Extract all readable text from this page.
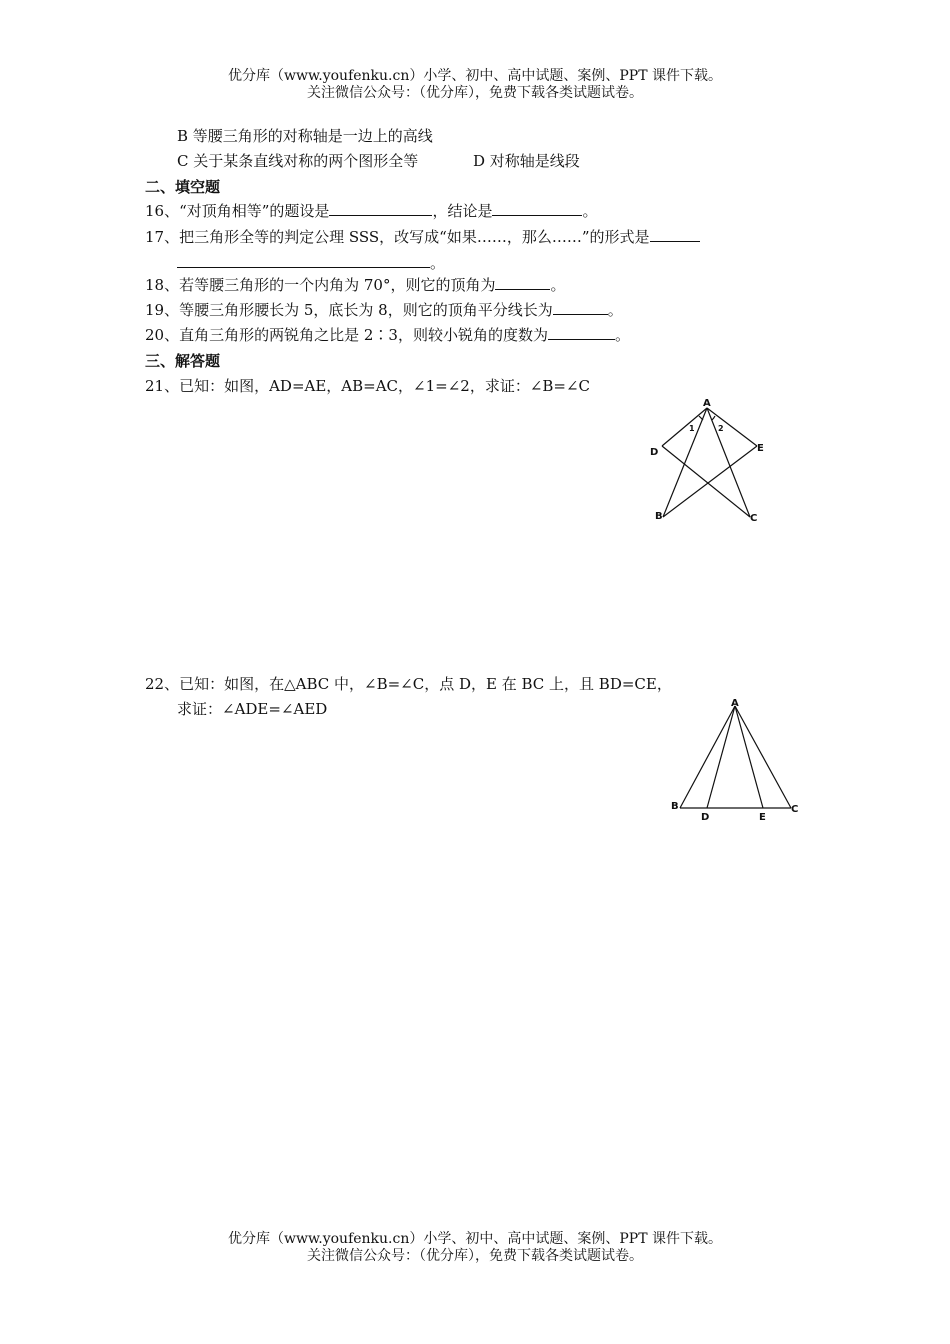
优分库（www.youfenku.cn）小学、初中、高中试题、案例、PPT 课件下载。
关注微信公众号：（优分库），免费下载各类试题试卷。
B 等腰三角形的对称轴是一边上的高线
C 关于某条直线对称的两个图形全等	D 对称轴是线段
二、填空题
16、“对顶角相等”的题设是	，结论是	。
17、把三角形全等的判定公理 SSS，改写成“如果……，那么……”的形式是
。
18、若等腰三角形的一个内角为 70°，则它的顶角为	。
19、等腰三角形腰长为 5，底长为 8，则它的顶角平分线长为	。
20、直角三角形的两锐角之比是 2∶3，则较小锐角的度数为	。
三、解答题
21、已知：如图，AD=AE，AB=AC，∠1=∠2，求证：∠B=∠C
A
D	E
B	C
1	2
22、已知：如图，在△ABC 中，∠B=∠C，点 D，E 在 BC 上，且 BD=CE，
求证：∠ADE=∠AED	A
B
D	E
C
优分库（www.youfenku.cn）小学、初中、高中试题、案例、PPT 课件下载。
关注微信公众号：（优分库），免费下载各类试题试卷。
